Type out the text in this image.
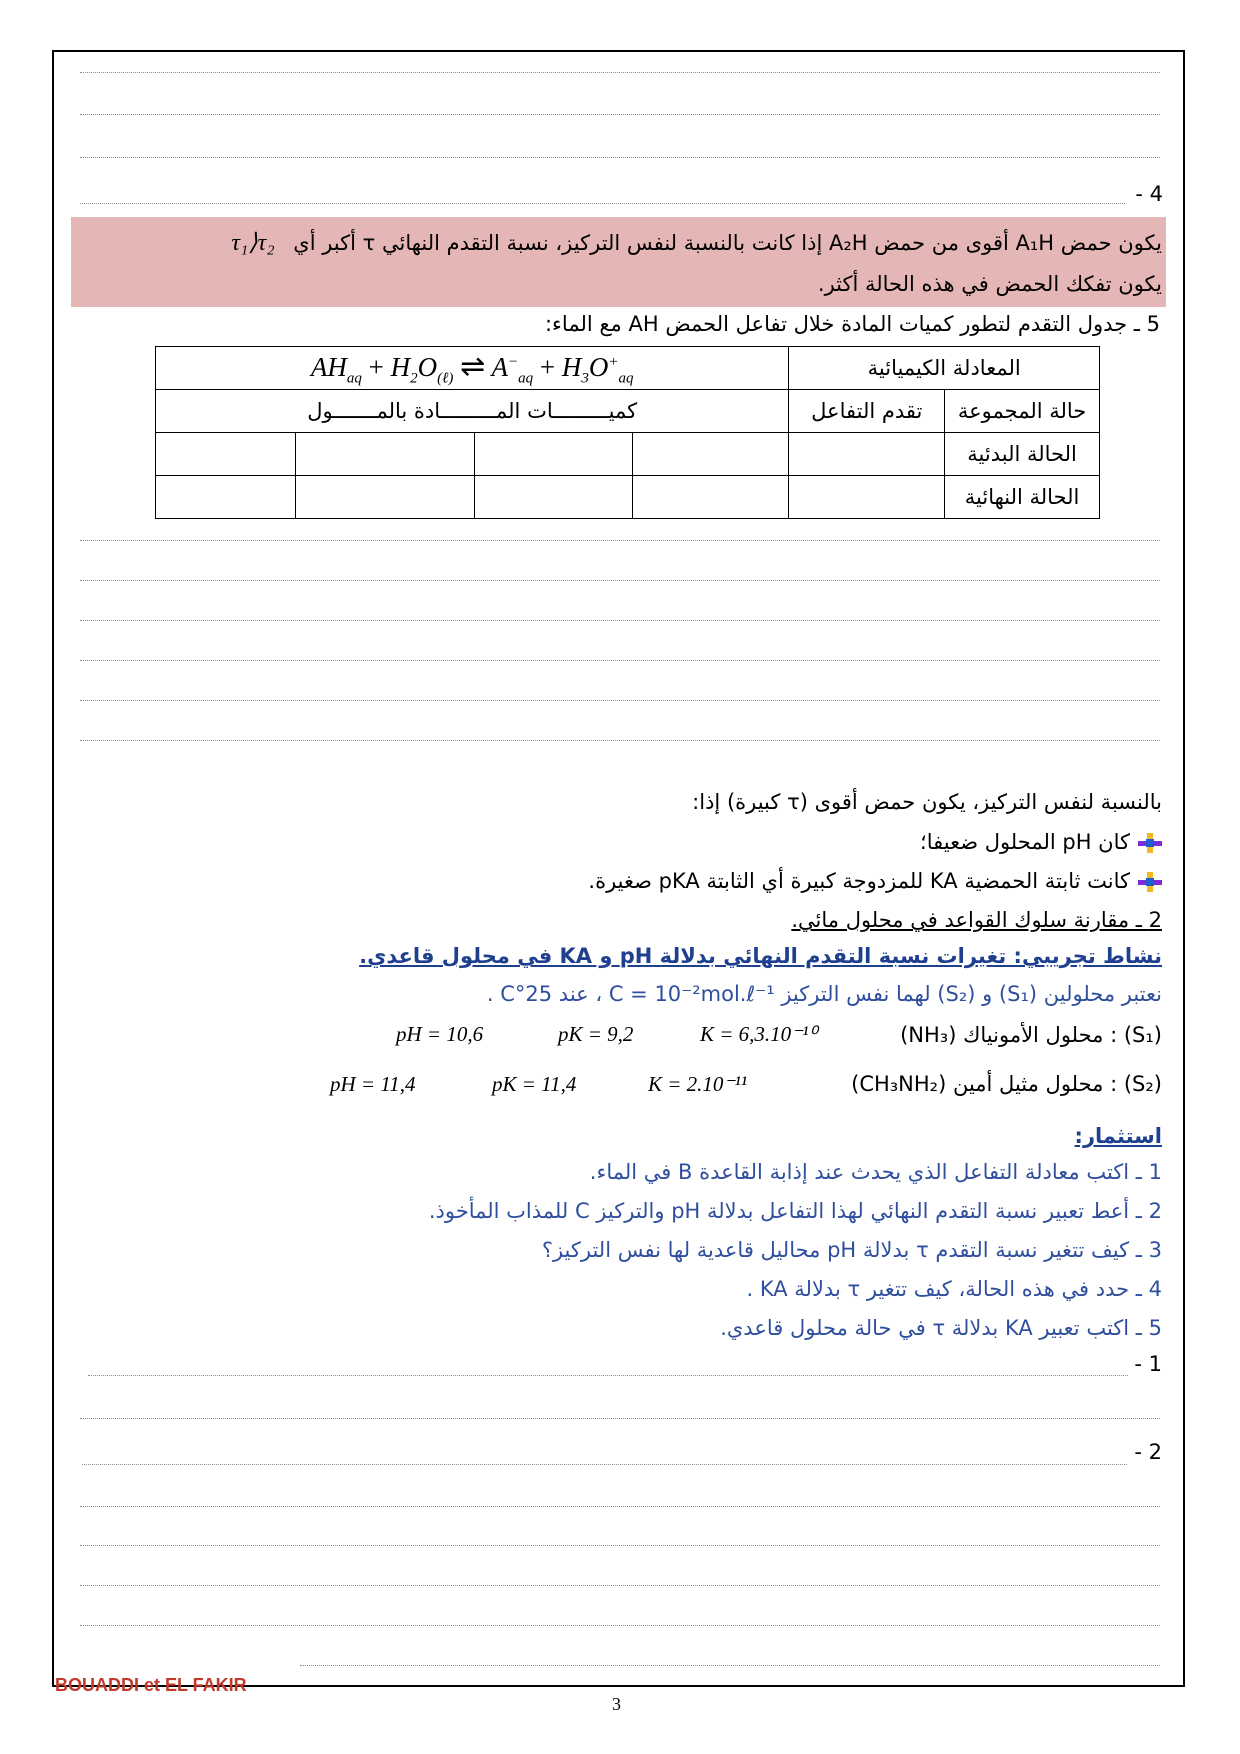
4 -
يكون حمض A₁H أقوى من حمض A₂H إذا كانت بالنسبة لنفس التركيز، نسبة التقدم النهائي τ أكبر أي τ₁⟩τ₂
يكون تفكك الحمض في هذه الحالة أكثر.
5 ـ جدول التقدم لتطور كميات المادة خلال تفاعل الحمض AH مع الماء:
المعادلة الكيميائية		$AH_{aq} + H_2O_{(\ell)}$ ⇌ $A^-_{aq} + H_3O^+_{aq}$
حالة المجموعة	تقدم التفاعل	كميـــــــــات المـــــــــادة بالمـــــــول			
الحالة البدئية					
الحالة النهائية					
بالنسبة لنفس التركيز، يكون حمض أقوى (τ كبيرة) إذا:
كان pH المحلول ضعيفا؛
كانت ثابتة الحمضية KA للمزدوجة كبيرة أي الثابتة pKA صغيرة.
2 ـ مقارنة سلوك القواعد في محلول مائي.
نشاط تجريبي: تغيرات نسبة التقدم النهائي بدلالة pH و KA في محلول قاعدي.
نعتبر محلولين (S₁) و (S₂) لهما نفس التركيز C = 10⁻²mol.ℓ⁻¹ ، عند 25°C .
(S₁) : محلول الأمونياك (NH₃)
K = 6,3.10⁻¹⁰
pK = 9,2
pH = 10,6
(S₂) : محلول مثيل أمين (CH₃NH₂)
K = 2.10⁻¹¹
pK = 11,4
pH = 11,4
استثمار:
1 ـ اكتب معادلة التفاعل الذي يحدث عند إذابة القاعدة B في الماء.
2 ـ أعط تعبير نسبة التقدم النهائي لهذا التفاعل بدلالة pH والتركيز C للمذاب المأخوذ.
3 ـ كيف تتغير نسبة التقدم τ بدلالة pH محاليل قاعدية لها نفس التركيز؟
4 ـ حدد في هذه الحالة، كيف تتغير τ بدلالة KA .
5 ـ اكتب تعبير KA بدلالة τ في حالة محلول قاعدي.
1 -
2 -
BOUADDI et EL FAKIR
3
